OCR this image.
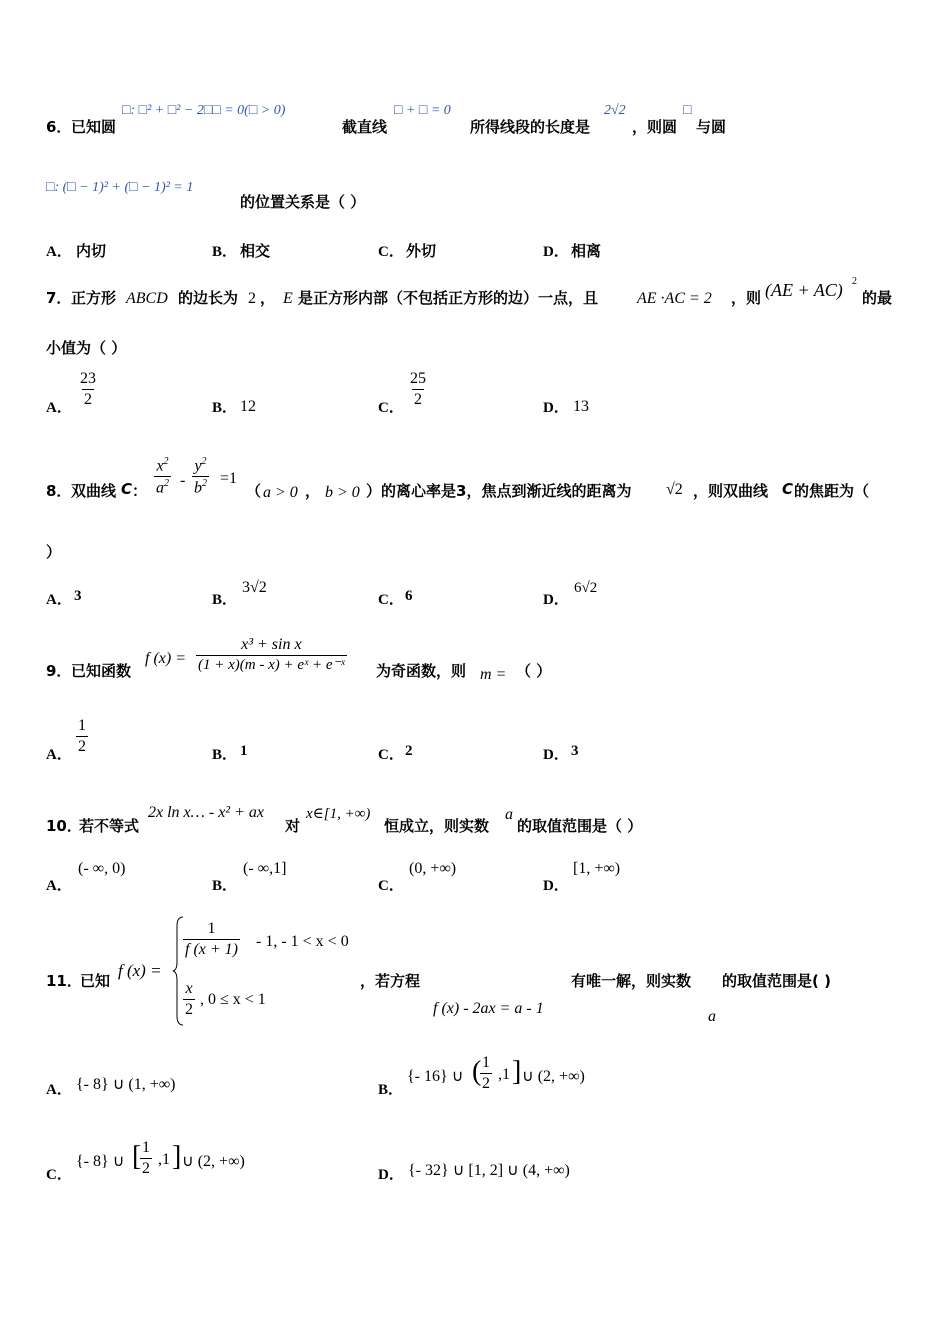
6． 已知圆
□: □² + □² − 2□□ = 0(□ > 0)
截直线
□ + □ = 0
所得线段的长度是
2√2
，则圆
□
与圆
□: (□ − 1)² + (□ − 1)² = 1
的位置关系是（ ）
A． 内切	B． 相交	C． 外切	D． 相离
7． 正方形 ABCD 的边长为 2 ， E 是正方形内部（不包括正方形的边）一点，且 AE ·AC = 2 ，则 (AE + AC) 2
的最
小值为（ ）
A． $\frac{23}{2}$	B． 12	C． $\frac{25}{2}$	D． 13
8． 双曲线 C ： $\frac{x^2}{a^2} - \frac{y^2}{b^2} =1$
（ a > 0 ， b > 0 ）的离心率是3，焦点到渐近线的距离为 √2 ，则双曲线 C 的焦距为（
）
A． 3	B．
3√2
C． 6	D．
6√2
9． 已知函数
f $(x) = \frac{\text{x³ + sin x}}{\text{(1 + x)(m - x) + eˣ + e⁻ˣ}}$ 为奇函数，则 m = （ ）
A． $\frac{1}{2}$	B． 1	C． 2	D． 3
10．
若不等式
2x ln x… - x² + ax
对
x∈[1, +∞)
恒成立，则实数
a
的取值范围是（ ）
A．
(- ∞, 0)
B．
(- ∞,1]
C．
(0, +∞)
D．
[1, +∞)
11．
已知
f (x) =
$\frac{1}{f (x + 1)} - 1$, - 1 < x < 0
$\frac{x}{2}$ , 0 ≤ x < 1
，若方程
f (x) - 2ax = a - 1
有唯一解，则实数
a
的取值范围是( )
A． {- 8} ∪ (1, +∞)	B．
{- 16} ∪ (
$\frac{1}{2} ,1$ ] ∪ (2, +∞)
C．
{- 8} ∪ [
$\frac{1}{2} ,1$ ] ∪ (2, +∞)
D． {- 32} ∪ [1, 2] ∪ (4, +∞)
